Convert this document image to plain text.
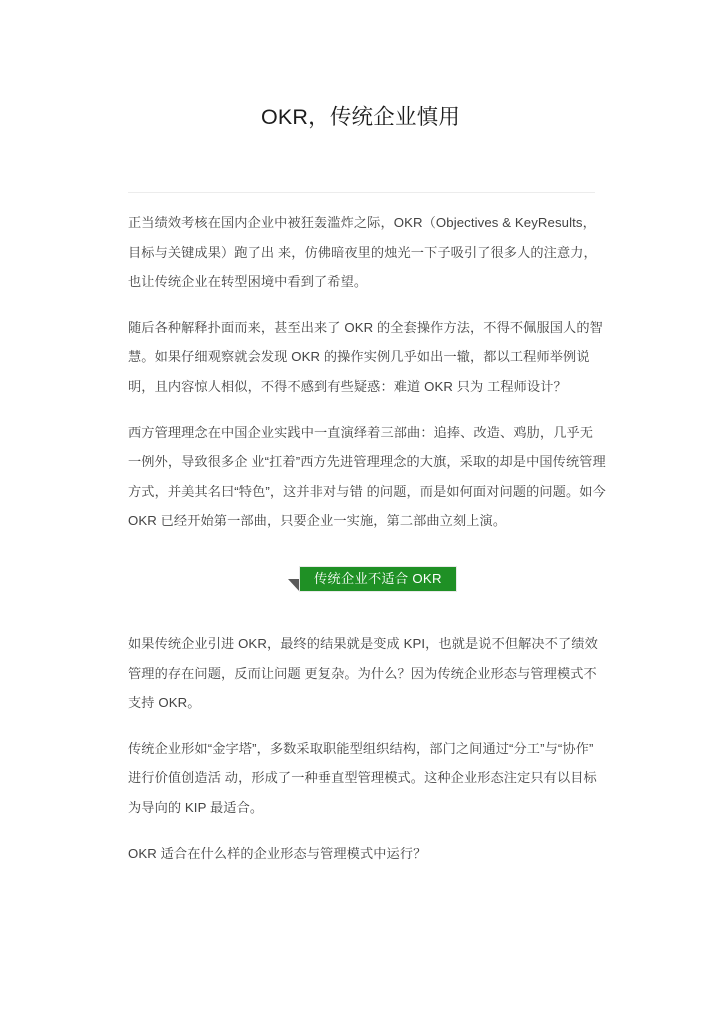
OKR，传统企业慎用

正当绩效考核在国内企业中被狂轰滥炸之际，OKR（Objectives & KeyResults，目标与关键成果）跑了出 来，仿佛暗夜里的烛光一下子吸引了很多人的注意力，也让传统企业在转型困境中看到了希望。

随后各种解释扑面而来，甚至出来了 OKR 的全套操作方法，不得不佩服国人的智慧。如果仔细观察就会发现 OKR 的操作实例几乎如出一辙，都以工程师举例说明，且内容惊人相似，不得不感到有些疑惑：难道 OKR 只为 工程师设计？

西方管理理念在中国企业实践中一直演绎着三部曲：追捧、改造、鸡肋，几乎无一例外，导致很多企 业“扛着”西方先进管理理念的大旗，采取的却是中国传统管理方式，并美其名曰“特色”，这并非对与错 的问题，而是如何面对问题的问题。如今 OKR 已经开始第一部曲，只要企业一实施，第二部曲立刻上演。

传统企业不适合 OKR

如果传统企业引进 OKR，最终的结果就是变成 KPI，也就是说不但解决不了绩效管理的存在问题，反而让问题 更复杂。为什么？因为传统企业形态与管理模式不支持 OKR。

传统企业形如“金字塔”，多数采取职能型组织结构，部门之间通过“分工”与“协作”进行价值创造活 动，形成了一种垂直型管理模式。这种企业形态注定只有以目标为导向的 KIP 最适合。

OKR 适合在什么样的企业形态与管理模式中运行？
